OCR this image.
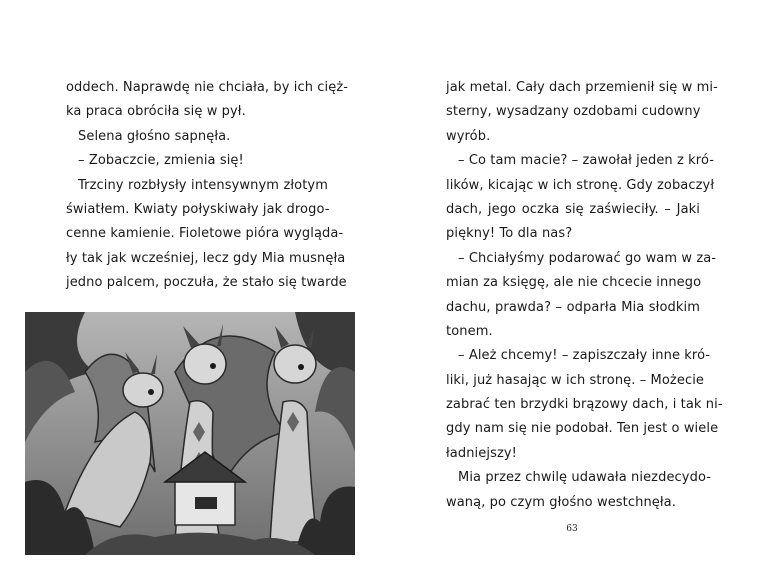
oddech. Naprawdę nie chciała, by ich cięż-
ka praca obróciła się w pył.
Selena głośno sapnęła.
– Zobaczcie, zmienia się!
Trzciny rozbłysły intensywnym złotym
światłem. Kwiaty połyskiwały jak drogo-
cenne kamienie. Fioletowe pióra wygląda-
ły tak jak wcześniej, lecz gdy Mia musnęła
jedno palcem, poczuła, że stało się twarde
jak metal. Cały dach przemienił się w mi-
sterny, wysadzany ozdobami cudowny
wyrób.
– Co tam macie? – zawołał jeden z kró-
lików, kicając w ich stronę. Gdy zobaczył
dach, jego oczka się zaświeciły. – Jaki
piękny! To dla nas?
– Chciałyśmy podarować go wam w za-
mian za księgę, ale nie chcecie innego
dachu, prawda? – odparła Mia słodkim
tonem.
– Ależ chcemy! – zapiszczały inne kró-
liki, już hasając w ich stronę. – Możecie
zabrać ten brzydki brązowy dach, i tak ni-
gdy nam się nie podobał. Ten jest o wiele
ładniejszy!
Mia przez chwilę udawała niezdecydo-
waną, po czym głośno westchnęła.
63
